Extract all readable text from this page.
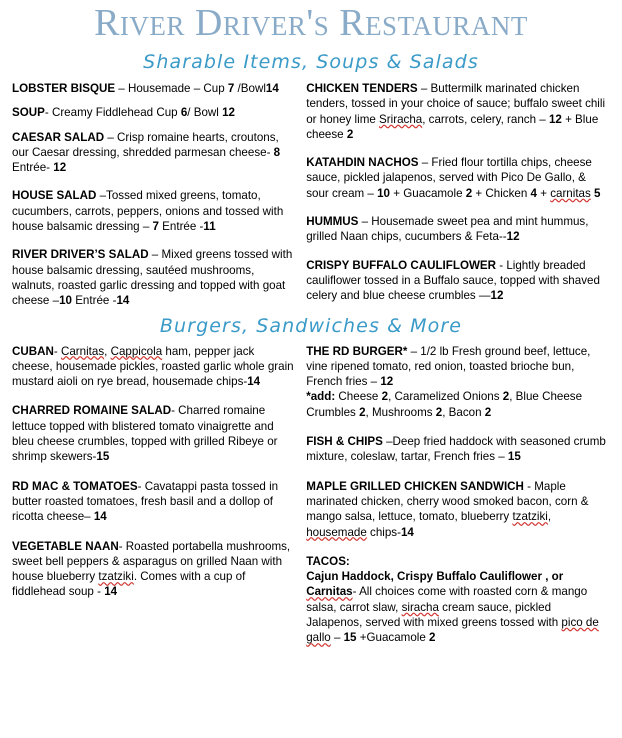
River Driver's Restaurant
Sharable Items, Soups & Salads
LOBSTER BISQUE – Housemade – Cup 7 /Bowl14
SOUP- Creamy Fiddlehead Cup 6/ Bowl 12
CAESAR SALAD – Crisp romaine hearts, croutons, our Caesar dressing, shredded parmesan cheese- 8 Entrée- 12
HOUSE SALAD –Tossed mixed greens, tomato, cucumbers, carrots, peppers, onions and tossed with house balsamic dressing – 7 Entrée -11
RIVER DRIVER’S SALAD – Mixed greens tossed with house balsamic dressing, sautéed mushrooms, walnuts, roasted garlic dressing and topped with goat cheese –10 Entrée -14
CHICKEN TENDERS – Buttermilk marinated chicken tenders, tossed in your choice of sauce; buffalo sweet chili or honey lime Sriracha, carrots, celery, ranch – 12 + Blue cheese 2
KATAHDIN NACHOS – Fried flour tortilla chips, cheese sauce, pickled jalapenos, served with Pico De Gallo, & sour cream – 10 + Guacamole 2 + Chicken 4 + carnitas 5
HUMMUS – Housemade sweet pea and mint hummus, grilled Naan chips, cucumbers & Feta--12
CRISPY BUFFALO CAULIFLOWER - Lightly breaded cauliflower tossed in a Buffalo sauce, topped with shaved celery and blue cheese crumbles —12
Burgers, Sandwiches & More
CUBAN- Carnitas, Cappicola ham, pepper jack cheese, housemade pickles, roasted garlic whole grain mustard aioli on rye bread, housemade chips-14
CHARRED ROMAINE SALAD- Charred romaine lettuce topped with blistered tomato vinaigrette and bleu cheese crumbles, topped with grilled Ribeye or shrimp skewers-15
RD MAC & TOMATOES- Cavatappi pasta tossed in butter roasted tomatoes, fresh basil and a dollop of ricotta cheese– 14
VEGETABLE NAAN- Roasted portabella mushrooms, sweet bell peppers & asparagus on grilled Naan with house blueberry tzatziki. Comes with a cup of fiddlehead soup - 14
THE RD BURGER* – 1/2 lb Fresh ground beef, lettuce, vine ripened tomato, red onion, toasted brioche bun, French fries – 12
*add: Cheese 2, Caramelized Onions 2, Blue Cheese Crumbles 2, Mushrooms 2, Bacon 2
FISH & CHIPS –Deep fried haddock with seasoned crumb mixture, coleslaw, tartar, French fries – 15
MAPLE GRILLED CHICKEN SANDWICH - Maple marinated chicken, cherry wood smoked bacon, corn & mango salsa, lettuce, tomato, blueberry tzatziki, housemade chips-14
TACOS:
Cajun Haddock, Crispy Buffalo Cauliflower , or Carnitas- All choices come with roasted corn & mango salsa, carrot slaw, siracha cream sauce, pickled Jalapenos, served with mixed greens tossed with pico de gallo – 15 +Guacamole 2
